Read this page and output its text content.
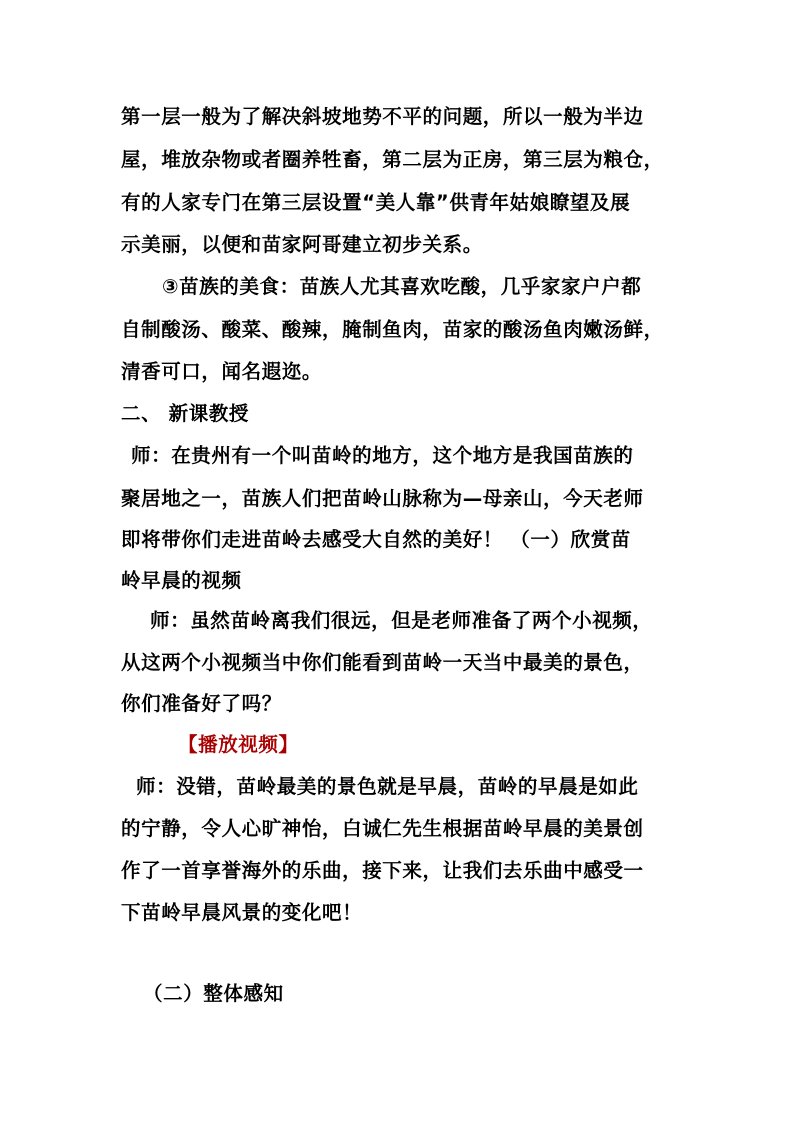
第一层一般为了解决斜坡地势不平的问题，所以一般为半边
屋，堆放杂物或者圈养牲畜，第二层为正房，第三层为粮仓，
有的人家专门在第三层设置“美人靠”供青年姑娘瞭望及展
示美丽，以便和苗家阿哥建立初步关系。
③苗族的美食：苗族人尤其喜欢吃酸，几乎家家户户都
自制酸汤、酸菜、酸辣，腌制鱼肉，苗家的酸汤鱼肉嫩汤鲜，
清香可口，闻名遐迩。
二、 新课教授
师：在贵州有一个叫苗岭的地方，这个地方是我国苗族的
聚居地之一，苗族人们把苗岭山脉称为—母亲山，今天老师
即将带你们走进苗岭去感受大自然的美好！ （一）欣赏苗
岭早晨的视频
师：虽然苗岭离我们很远，但是老师准备了两个小视频，
从这两个小视频当中你们能看到苗岭一天当中最美的景色，
你们准备好了吗？
【播放视频】
师：没错，苗岭最美的景色就是早晨，苗岭的早晨是如此
的宁静，令人心旷神怡，白诚仁先生根据苗岭早晨的美景创
作了一首享誉海外的乐曲，接下来，让我们去乐曲中感受一
下苗岭早晨风景的变化吧！
（二）整体感知
